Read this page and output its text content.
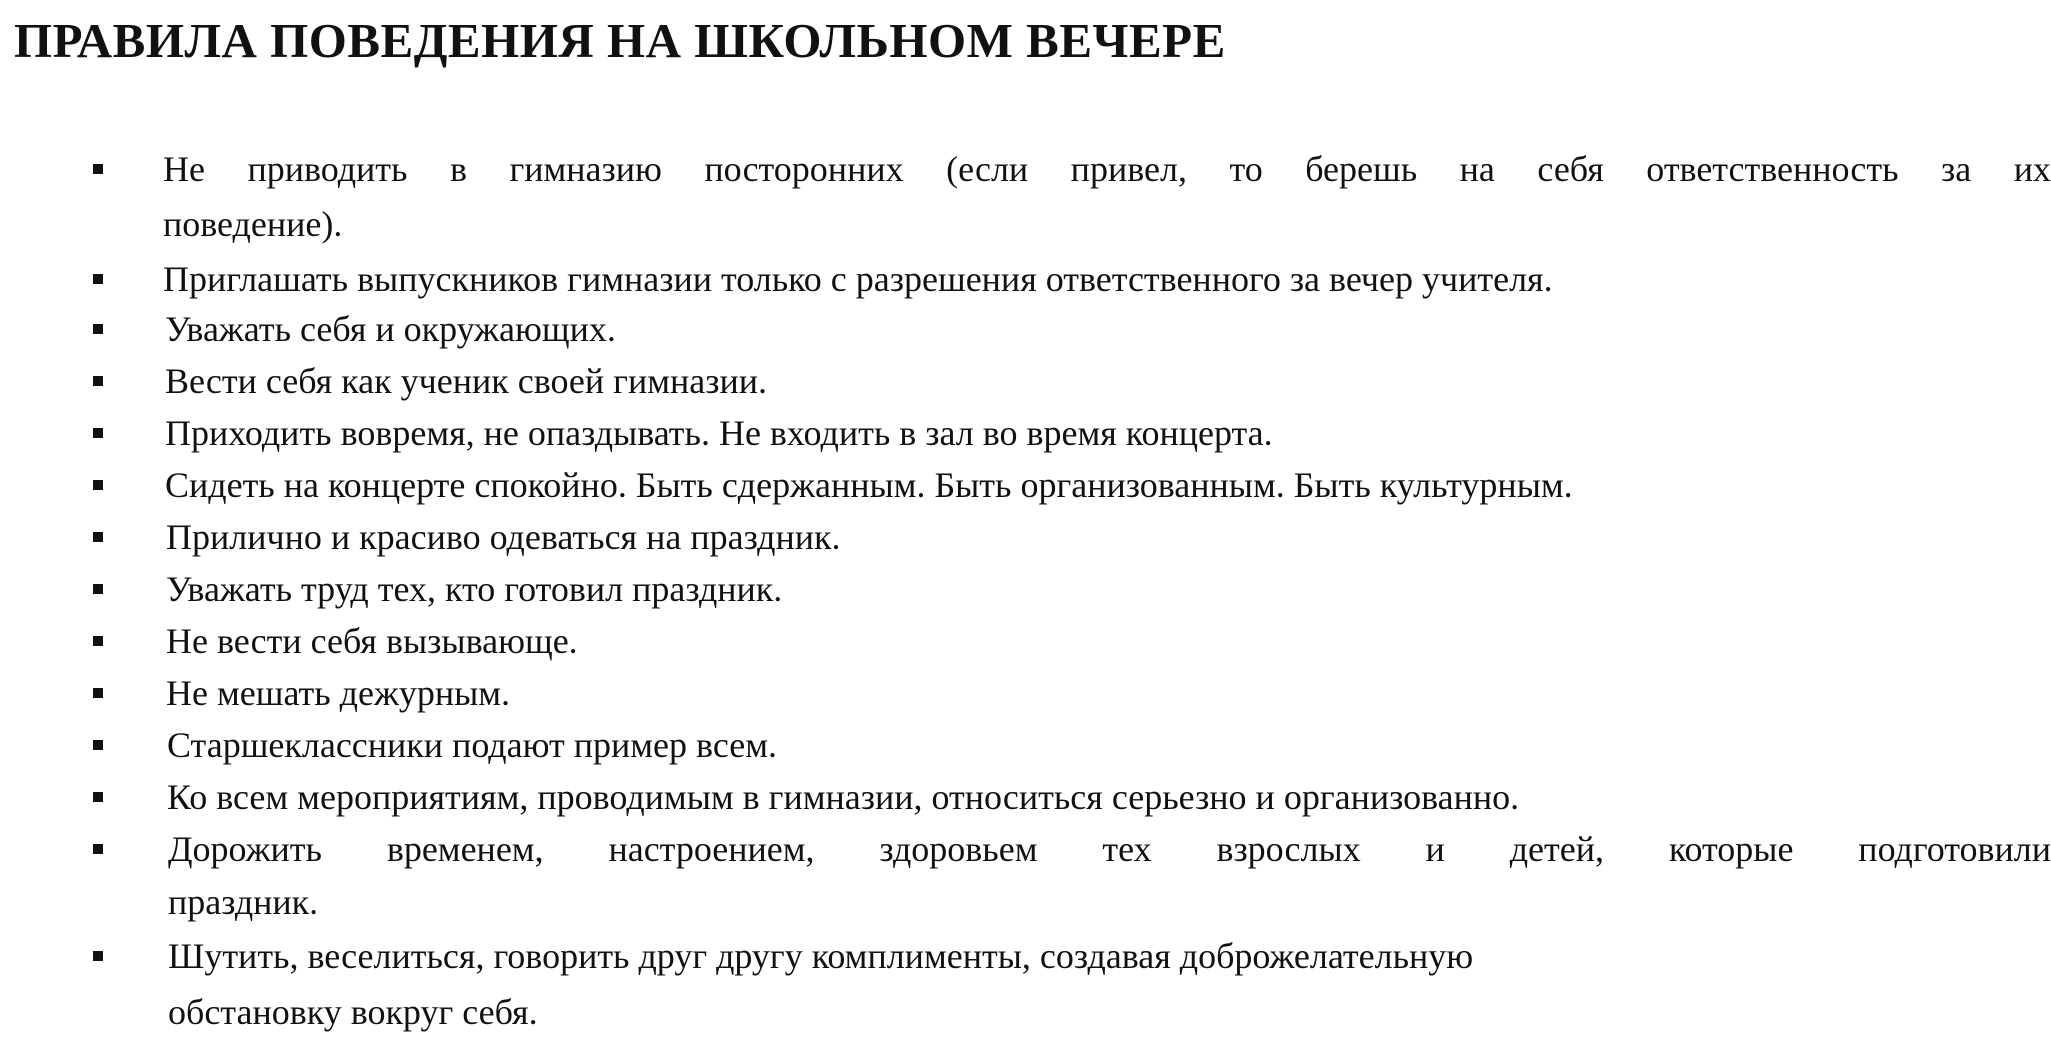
ПРАВИЛА ПОВЕДЕНИЯ НА ШКОЛЬНОМ ВЕЧЕРЕ

Не приводить в гимназию посторонних (если привел, то берешь на себя ответственность за их

поведение).

Приглашать выпускников гимназии только с разрешения ответственного за вечер учителя.

Уважать себя и окружающих.

Вести себя как ученик своей гимназии.

Приходить вовремя, не опаздывать. Не входить в зал во время концерта.

Сидеть на концерте спокойно. Быть сдержанным. Быть организованным. Быть культурным.

Прилично и красиво одеваться на праздник.

Уважать труд тех, кто готовил праздник.

Не вести себя вызывающе.

Не мешать дежурным.

Старшеклассники подают пример всем.

Ко всем мероприятиям, проводимым в гимназии, относиться серьезно и организованно.

Дорожить временем, настроением, здоровьем тех взрослых и детей, которые подготовили

праздник.

Шутить, веселиться, говорить друг другу комплименты, создавая доброжелательную

обстановку вокруг себя.
